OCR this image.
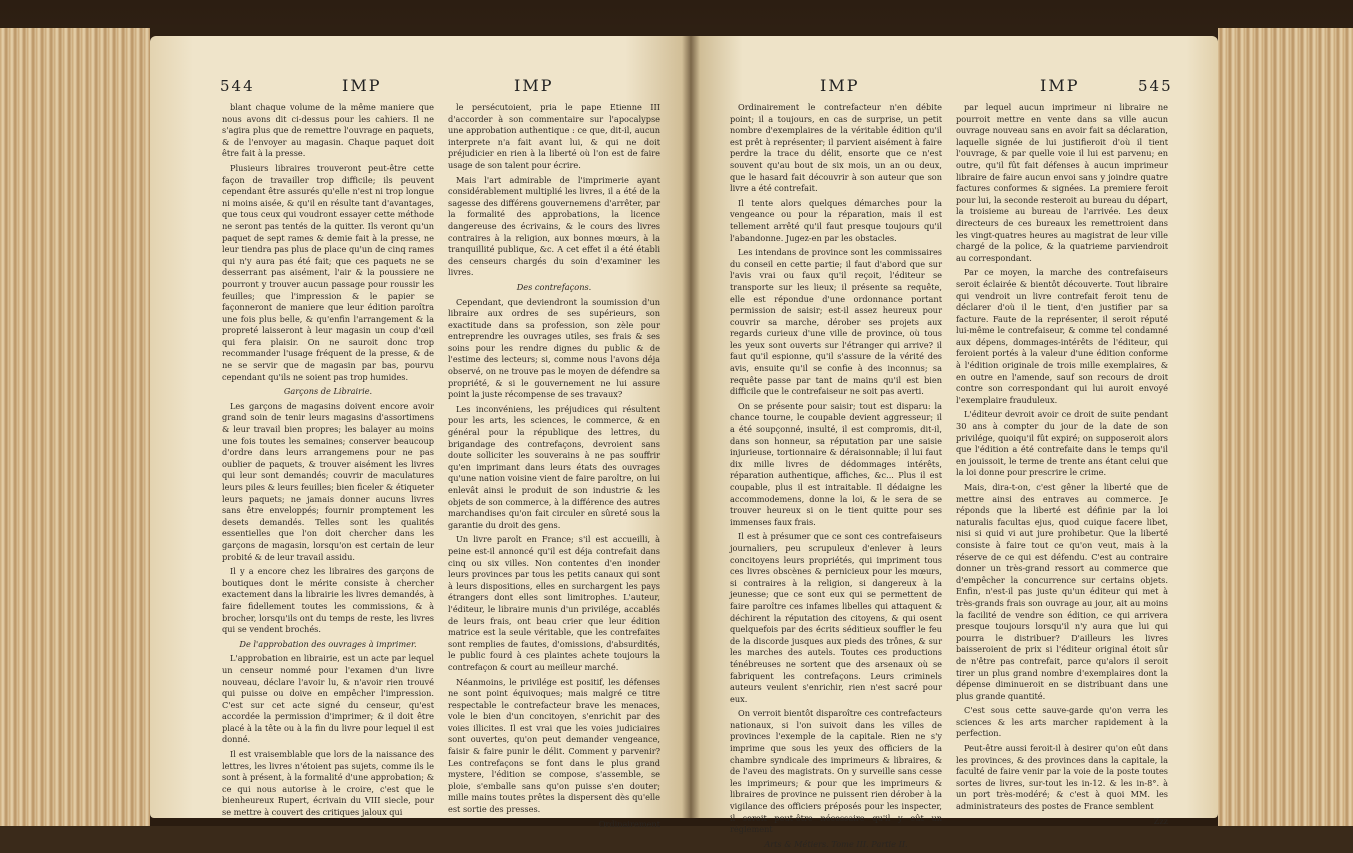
544	IMP	IMP

blant chaque volume de la même maniere que nous avons dit ci-dessus pour les cahiers. Il ne s'agira plus que de remettre l'ouvrage en paquets, & de l'envoyer au magasin. Chaque paquet doit être fait à la presse.

Plusieurs libraires trouveront peut-être cette façon de travailler trop difficile; ils peuvent cependant être assurés qu'elle n'est ni trop longue ni moins aisée, & qu'il en résulte tant d'avantages, que tous ceux qui voudront essayer cette méthode ne seront pas tentés de la quitter. Ils veront qu'un paquet de sept rames & demie fait à la presse, ne leur tiendra pas plus de place qu'un de cinq rames qui n'y aura pas été fait; que ces paquets ne se desserrant pas aisément, l'air & la poussiere ne pourront y trouver aucun passage pour roussir les feuilles; que l'impression & le papier se façonneront de maniere que leur édition paroîtra une fois plus belle, & qu'enfin l'arrangement & la propreté laisseront à leur magasin un coup d'œil qui fera plaisir. On ne sauroit donc trop recommander l'usage fréquent de la presse, & de ne se servir que de magasin par bas, pourvu cependant qu'ils ne soient pas trop humides.

Garçons de Librairie.

Les garçons de magasins doivent encore avoir grand soin de tenir leurs magasins d'assortimens & leur travail bien propres; les balayer au moins une fois toutes les semaines; conserver beaucoup d'ordre dans leurs arrangemens pour ne pas oublier de paquets, & trouver aisément les livres qui leur sont demandés; couvrir de maculatures leurs piles & leurs feuilles; bien ficeler & étiqueter leurs paquets; ne jamais donner aucuns livres sans être enveloppés; fournir promptement les desets demandés. Telles sont les qualités essentielles que l'on doit chercher dans les garçons de magasin, lorsqu'on est certain de leur probité & de leur travail assidu.

Il y a encore chez les libraires des garçons de boutiques dont le mérite consiste à chercher exactement dans la librairie les livres demandés, à faire fidellement toutes les commissions, & à brocher, lorsqu'ils ont du temps de reste, les livres qui se vendent brochés.

De l'approbation des ouvrages à imprimer.

L'approbation en librairie, est un acte par lequel un censeur nommé pour l'examen d'un livre nouveau, déclare l'avoir lu, & n'avoir rien trouvé qui puisse ou doive en empêcher l'impression. C'est sur cet acte signé du censeur, qu'est accordée la permission d'imprimer; & il doit être placé à la tête ou à la fin du livre pour lequel il est donné.

Il est vraisemblable que lors de la naissance des lettres, les livres n'étoient pas sujets, comme ils le sont à présent, à la formalité d'une approbation; & ce qui nous autorise à le croire, c'est que le bienheureux Rupert, écrivain du VIII siecle, pour se mettre à couvert des critiques jaloux qui

le persécutoient, pria le pape Etienne III d'accorder à son commentaire sur l'apocalypse une approbation authentique : ce que, dit-il, aucun interprete n'a fait avant lui, & qui ne doit préjudicier en rien à la liberté où l'on est de faire usage de son talent pour écrire.

Mais l'art admirable de l'imprimerie ayant considérablement multiplié les livres, il a été de la sagesse des différens gouvernemens d'arrêter, par la formalité des approbations, la licence dangereuse des écrivains, & le cours des livres contraires à la religion, aux bonnes mœurs, à la tranquillité publique, &c. A cet effet il a été établi des censeurs chargés du soin d'examiner les livres.

Des contrefaçons.

Cependant, que deviendront la soumission d'un libraire aux ordres de ses supérieurs, son exactitude dans sa profession, son zèle pour entreprendre les ouvrages utiles, ses frais & ses soins pour les rendre dignes du public & de l'estime des lecteurs; si, comme nous l'avons déja observé, on ne trouve pas le moyen de défendre sa propriété, & si le gouvernement ne lui assure point la juste récompense de ses travaux?

Les inconvéniens, les préjudices qui résultent pour les arts, les sciences, le commerce, & en général pour la république des lettres, du brigandage des contrefaçons, devroient sans doute solliciter les souverains à ne pas souffrir qu'en imprimant dans leurs états des ouvrages qu'une nation voisine vient de faire paroître, on lui enlevât ainsi le produit de son industrie & les objets de son commerce, à la différence des autres marchandises qu'on fait circuler en sûreté sous la garantie du droit des gens.

Un livre paroît en France; s'il est accueilli, à peine est-il annoncé qu'il est déja contrefait dans cinq ou six villes. Non contentes d'en inonder leurs provinces par tous les petits canaux qui sont à leurs dispositions, elles en surchargent les pays étrangers dont elles sont limitrophes. L'auteur, l'éditeur, le libraire munis d'un privilége, accablés de leurs frais, ont beau crier que leur édition matrice est la seule véritable, que les contrefaites sont remplies de fautes, d'omissions, d'absurdités, le public fourd à ces plaintes achete toujours la contrefaçon & court au meilleur marché.

Néanmoins, le privilége est positif, les défenses ne sont point équivoques; mais malgré ce titre respectable le contrefacteur brave les menaces, vole le bien d'un concitoyen, s'enrichit par des voies illicites. Il est vrai que les voies judiciaires sont ouvertes, qu'on peut demander vengeance, faisir & faire punir le délit. Comment y parvenir? Les contrefaçons se font dans le plus grand mystere, l'édition se compose, s'assemble, se ploie, s'emballe sans qu'on puisse s'en douter; mille mains toutes prêtes la dispersent dès qu'elle est sortie des presses.

Ordinairement

IMP	IMP	545

Ordinairement le contrefacteur n'en débite point; il a toujours, en cas de surprise, un petit nombre d'exemplaires de la véritable édition qu'il est prêt à représenter; il parvient aisément à faire perdre la trace du délit, ensorte que ce n'est souvent qu'au bout de six mois, un an ou deux, que le hasard fait découvrir à son auteur que son livre a été contrefait.

Il tente alors quelques démarches pour la vengeance ou pour la réparation, mais il est tellement arrêté qu'il faut presque toujours qu'il l'abandonne. Jugez-en par les obstacles.

Les intendans de province sont les commissaires du conseil en cette partie; il faut d'abord que sur l'avis vrai ou faux qu'il reçoit, l'éditeur se transporte sur les lieux; il présente sa requête, elle est répondue d'une ordonnance portant permission de saisir; est-il assez heureux pour couvrir sa marche, dérober ses projets aux regards curieux d'une ville de province, où tous les yeux sont ouverts sur l'étranger qui arrive? il faut qu'il espionne, qu'il s'assure de la vérité des avis, ensuite qu'il se confie à des inconnus; sa requête passe par tant de mains qu'il est bien difficile que le contrefaiseur ne soit pas averti.

On se présente pour saisir; tout est disparu: la chance tourne, le coupable devient aggresseur; il a été soupçonné, insulté, il est compromis, dit-il, dans son honneur, sa réputation par une saisie injurieuse, tortionnaire & déraisonnable; il lui faut dix mille livres de dédommages intérêts, réparation authentique, affiches, &c... Plus il est coupable, plus il est intraitable. Il dédaigne les accommodemens, donne la loi, & le sera de se trouver heureux si on le tient quitte pour ses immenses faux frais.

Il est à présumer que ce sont ces contrefaiseurs journaliers, peu scrupuleux d'enlever à leurs concitoyens leurs propriétés, qui impriment tous ces livres obscènes & pernicieux pour les mœurs, si contraires à la religion, si dangereux à la jeunesse; que ce sont eux qui se permettent de faire paroître ces infames libelles qui attaquent & déchirent la réputation des citoyens, & qui osent quelquefois par des écrits séditieux souffler le feu de la discorde jusques aux pieds des trônes, & sur les marches des autels. Toutes ces productions ténébreuses ne sortent que des arsenaux où se fabriquent les contrefaçons. Leurs criminels auteurs veulent s'enrichir, rien n'est sacré pour eux.

On verroit bientôt disparoître ces contrefacteurs nationaux, si l'on suivoit dans les villes de provinces l'exemple de la capitale. Rien ne s'y imprime que sous les yeux des officiers de la chambre syndicale des imprimeurs & libraires, & de l'aveu des magistrats. On y surveille sans cesse les imprimeurs; & pour que les imprimeurs & libraires de province ne puissent rien dérober à la vigilance des officiers préposés pour les inspecter, il seroit peut-être nécessaire qu'il y eût un réglement

Arts & Métiers. Tome III. Partie II.

par lequel aucun imprimeur ni libraire ne pourroit mettre en vente dans sa ville aucun ouvrage nouveau sans en avoir fait sa déclaration, laquelle signée de lui justifieroit d'où il tient l'ouvrage, & par quelle voie il lui est parvenu; en outre, qu'il fût fait défenses à aucun imprimeur libraire de faire aucun envoi sans y joindre quatre factures conformes & signées. La premiere feroit pour lui, la seconde resteroit au bureau du départ, la troisieme au bureau de l'arrivée. Les deux directeurs de ces bureaux les remettroient dans les vingt-quatres heures au magistrat de leur ville chargé de la police, & la quatrieme parviendroit au correspondant.

Par ce moyen, la marche des contrefaiseurs seroit éclairée & bientôt découverte. Tout libraire qui vendroit un livre contrefait feroit tenu de déclarer d'où il le tient, d'en justifier par sa facture. Faute de la représenter, il seroit réputé lui-même le contrefaiseur, & comme tel condamné aux dépens, dommages-intérêts de l'éditeur, qui feroient portés à la valeur d'une édition conforme à l'édition originale de trois mille exemplaires, & en outre en l'amende, sauf son recours de droit contre son correspondant qui lui auroit envoyé l'exemplaire frauduleux.

L'éditeur devroit avoir ce droit de suite pendant 30 ans à compter du jour de la date de son privilége, quoiqu'il fût expiré; on supposeroit alors que l'édition a été contrefaite dans le temps qu'il en jouissoit, le terme de trente ans étant celui que la loi donne pour prescrire le crime.

Mais, dira-t-on, c'est gêner la liberté que de mettre ainsi des entraves au commerce. Je réponds que la liberté est définie par la loi naturalis facultas ejus, quod cuique facere libet, nisi si quid vi aut jure prohibetur. Que la liberté consiste à faire tout ce qu'on veut, mais à la réserve de ce qui est défendu. C'est au contraire donner un très-grand ressort au commerce que d'empêcher la concurrence sur certains objets. Enfin, n'est-il pas juste qu'un éditeur qui met à très-grands frais son ouvrage au jour, ait au moins la facilité de vendre son édition, ce qui arrivera presque toujours lorsqu'il n'y aura que lui qui pourra le distribuer? D'ailleurs les livres baisseroient de prix si l'éditeur original étoit sûr de n'être pas contrefait, parce qu'alors il seroit tirer un plus grand nombre d'exemplaires dont la dépense diminueroit en se distribuant dans une plus grande quantité.

C'est sous cette sauve-garde qu'on verra les sciences & les arts marcher rapidement à la perfection.

Peut-être aussi feroit-il à desirer qu'on eût dans les provinces, & des provinces dans la capitale, la faculté de faire venir par la voie de la poste toutes sortes de livres, sur-tout les in-12. & les in-8°. à un port très-modéré; & c'est à quoi MM. les administrateurs des postes de France semblent

Zzz
